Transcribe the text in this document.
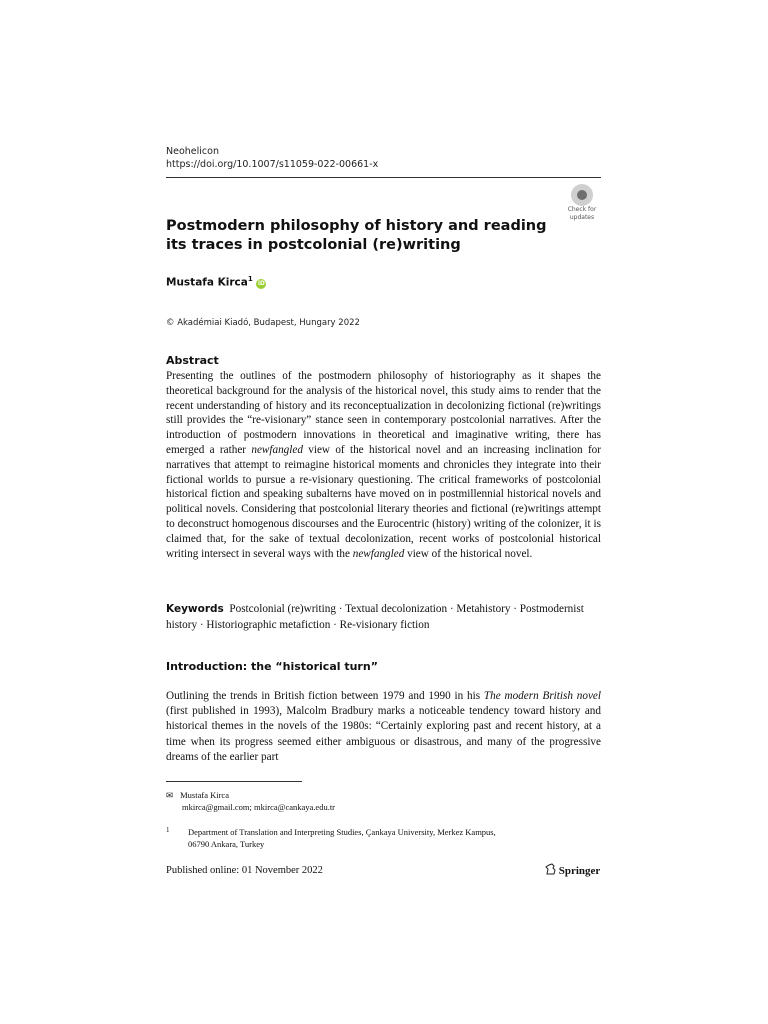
Neohelicon
https://doi.org/10.1007/s11059-022-00661-x
Check for
updates
Postmodern philosophy of history and reading its traces in postcolonial (re)writing
Mustafa Kirca$^1$ iD
© Akadémiai Kiadó, Budapest, Hungary 2022
Abstract
Presenting the outlines of the postmodern philosophy of historiography as it shapes the theoretical background for the analysis of the historical novel, this study aims to render that the recent understanding of history and its reconceptualization in decolonizing fictional (re)writings still provides the “re-visionary” stance seen in contemporary postcolonial narratives. After the introduction of postmodern innovations in theoretical and imaginative writing, there has emerged a rather newfangled view of the historical novel and an increasing inclination for narratives that attempt to reimagine historical moments and chronicles they integrate into their fictional worlds to pursue a re-visionary questioning. The critical frameworks of postcolonial historical fiction and speaking subalterns have moved on in postmillennial historical novels and political novels. Considering that postcolonial literary theories and fictional (re)writings attempt to deconstruct homogenous discourses and the Eurocentric (history) writing of the colonizer, it is claimed that, for the sake of textual decolonization, recent works of postcolonial historical writing intersect in several ways with the newfangled view of the historical novel.
Keywords Postcolonial (re)writing · Textual decolonization · Metahistory · Postmodernist history · Historiographic metafiction · Re-visionary fiction
Introduction: the “historical turn”
Outlining the trends in British fiction between 1979 and 1990 in his The modern British novel (first published in 1993), Malcolm Bradbury marks a noticeable tendency toward history and historical themes in the novels of the 1980s: “Certainly exploring past and recent history, at a time when its progress seemed either ambiguous or disastrous, and many of the progressive dreams of the earlier part
✉ Mustafa Kirca
mkirca@gmail.com; mkirca@cankaya.edu.tr
1 Department of Translation and Interpreting Studies, Çankaya University, Merkez Kampus,
06790 Ankara, Turkey
Published online: 01 November 2022	Springer
